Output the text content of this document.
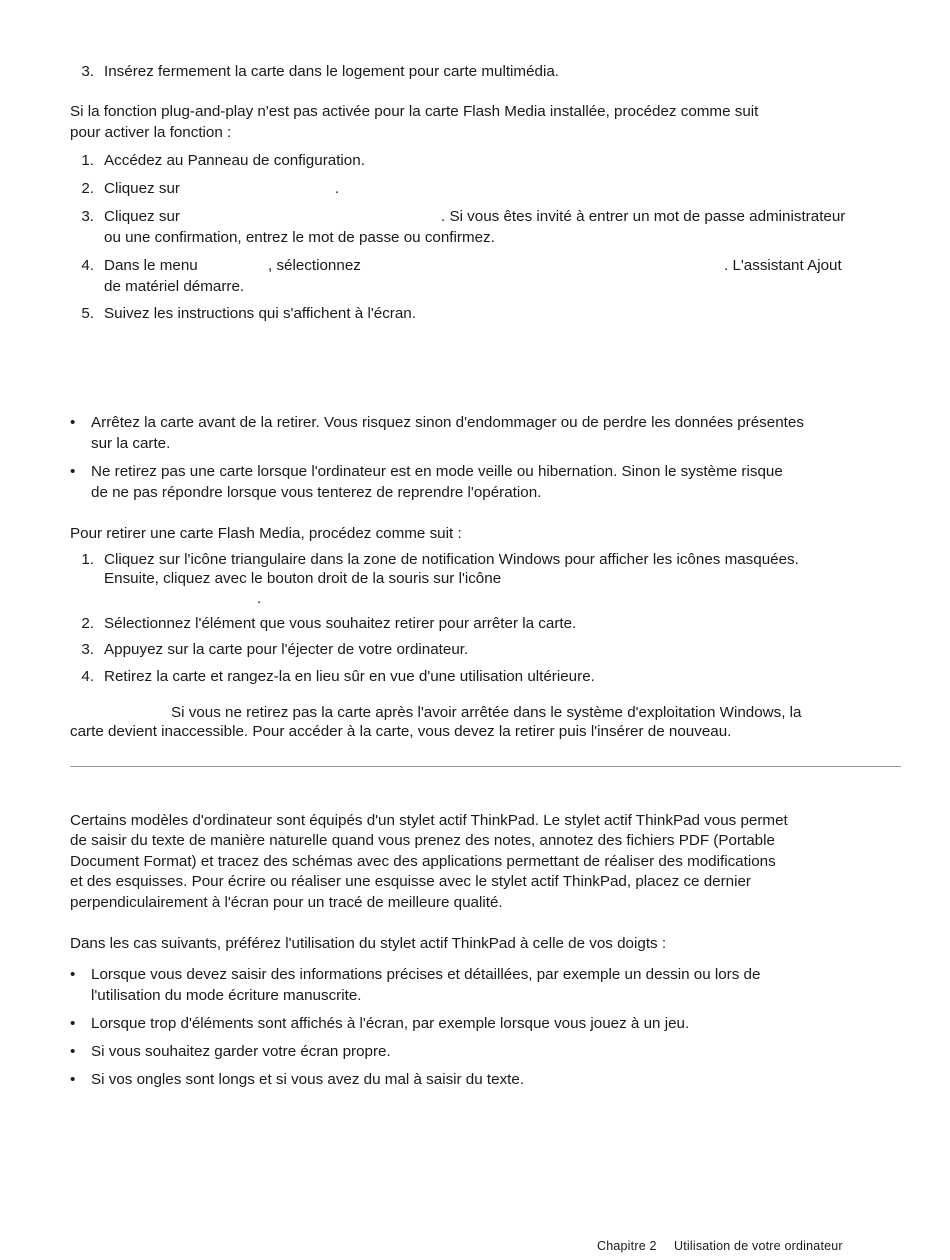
3. Insérez fermement la carte dans le logement pour carte multimédia.
Si la fonction plug-and-play n'est pas activée pour la carte Flash Media installée, procédez comme suit
pour activer la fonction :
1. Accédez au Panneau de configuration.
2. Cliquez sur	.
3. Cliquez sur	. Si vous êtes invité à entrer un mot de passe administrateur
ou une confirmation, entrez le mot de passe ou confirmez.
4. Dans le menu	, sélectionnez	. L'assistant Ajout
de matériel démarre.
5. Suivez les instructions qui s'affichent à l'écran.
•	Arrêtez la carte avant de la retirer. Vous risquez sinon d'endommager ou de perdre les données présentes
sur la carte.
•	Ne retirez pas une carte lorsque l'ordinateur est en mode veille ou hibernation. Sinon le système risque
de ne pas répondre lorsque vous tenterez de reprendre l'opération.
Pour retirer une carte Flash Media, procédez comme suit :
1. Cliquez sur l'icône triangulaire dans la zone de notification Windows pour afficher les icônes masquées.
Ensuite, cliquez avec le bouton droit de la souris sur l'icône
.
2. Sélectionnez l'élément que vous souhaitez retirer pour arrêter la carte.
3. Appuyez sur la carte pour l'éjecter de votre ordinateur.
4. Retirez la carte et rangez-la en lieu sûr en vue d'une utilisation ultérieure.
Si vous ne retirez pas la carte après l'avoir arrêtée dans le système d'exploitation Windows, la
carte devient inaccessible. Pour accéder à la carte, vous devez la retirer puis l'insérer de nouveau.
Certains modèles d'ordinateur sont équipés d'un stylet actif ThinkPad. Le stylet actif ThinkPad vous permet
de saisir du texte de manière naturelle quand vous prenez des notes, annotez des fichiers PDF (Portable
Document Format) et tracez des schémas avec des applications permettant de réaliser des modifications
et des esquisses. Pour écrire ou réaliser une esquisse avec le stylet actif ThinkPad, placez ce dernier
perpendiculairement à l'écran pour un tracé de meilleure qualité.
Dans les cas suivants, préférez l'utilisation du stylet actif ThinkPad à celle de vos doigts :
•	Lorsque vous devez saisir des informations précises et détaillées, par exemple un dessin ou lors de
l'utilisation du mode écriture manuscrite.
•	Lorsque trop d'éléments sont affichés à l'écran, par exemple lorsque vous jouez à un jeu.
•	Si vous souhaitez garder votre écran propre.
•	Si vos ongles sont longs et si vous avez du mal à saisir du texte.
Chapitre 2 Utilisation de votre ordinateur
